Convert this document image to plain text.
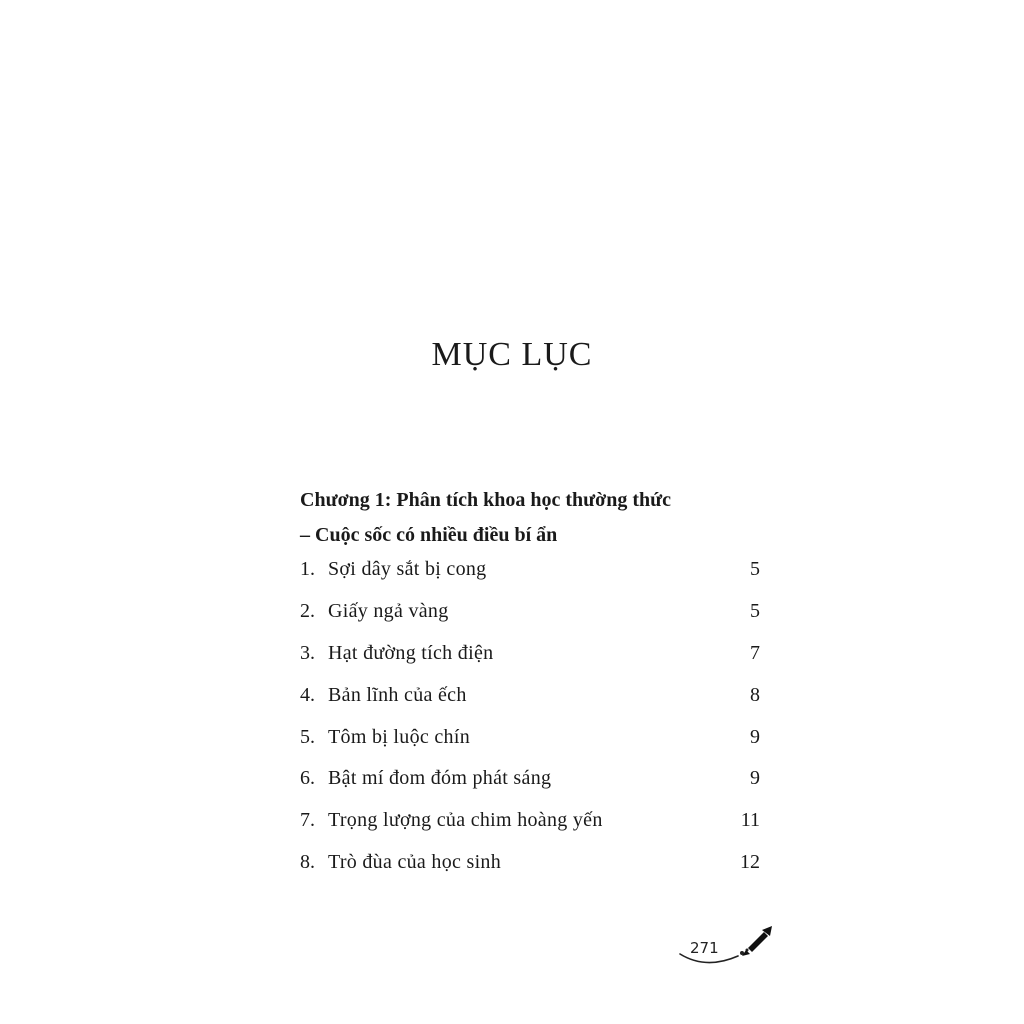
MỤC LỤC
Chương 1: Phân tích khoa học thường thức
– Cuộc sốc có nhiều điều bí ẩn
1. Sợi dây sắt bị cong	5
2. Giấy ngả vàng	5
3. Hạt đường tích điện	7
4. Bản lĩnh của ếch	8
5. Tôm bị luộc chín	9
6. Bật mí đom đóm phát sáng	9
7. Trọng lượng của chim hoàng yến	11
8. Trò đùa của học sinh	12
271
